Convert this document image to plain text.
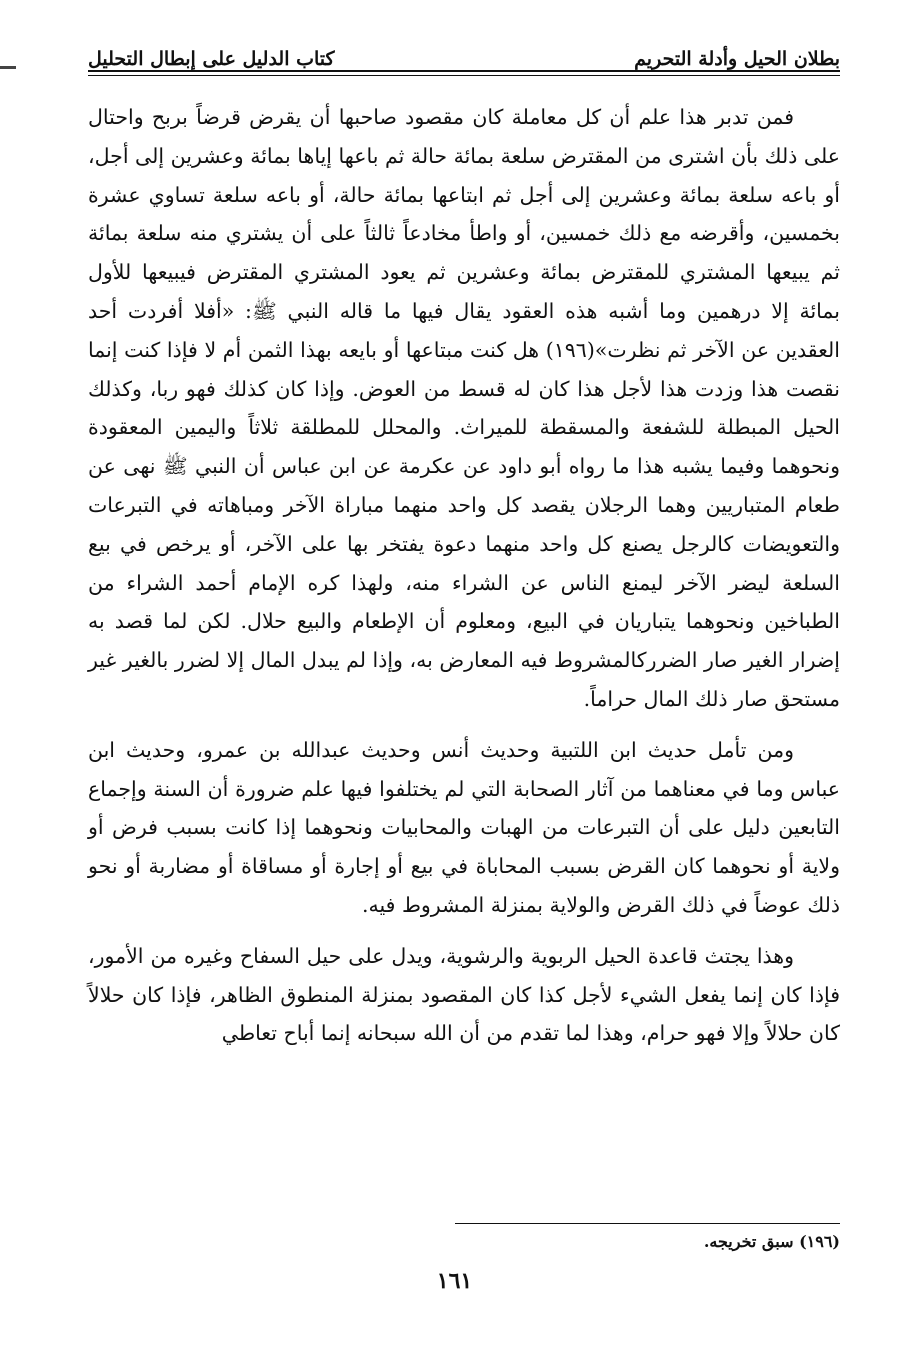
بطلان الحيل وأدلة التحريم
كتاب الدليل على إبطال التحليل

فمن تدبر هذا علم أن كل معاملة كان مقصود صاحبها أن يقرض قرضاً بربح واحتال على ذلك بأن اشترى من المقترض سلعة بمائة حالة ثم باعها إياها بمائة وعشرين إلى أجل، أو باعه سلعة بمائة وعشرين إلى أجل ثم ابتاعها بمائة حالة، أو باعه سلعة تساوي عشرة بخمسين، وأقرضه مع ذلك خمسين، أو واطأ مخادعاً ثالثاً على أن يشتري منه سلعة بمائة ثم يبيعها المشتري للمقترض بمائة وعشرين ثم يعود المشتري المقترض فيبيعها للأول بمائة إلا درهمين وما أشبه هذه العقود يقال فيها ما قاله النبي ﷺ: «أفلا أفردت أحد العقدين عن الآخر ثم نظرت»(١٩٦) هل كنت مبتاعها أو بايعه بهذا الثمن أم لا فإذا كنت إنما نقصت هذا وزدت هذا لأجل هذا كان له قسط من العوض. وإذا كان كذلك فهو ربا، وكذلك الحيل المبطلة للشفعة والمسقطة للميراث. والمحلل للمطلقة ثلاثاً واليمين المعقودة ونحوهما وفيما يشبه هذا ما رواه أبو داود عن عكرمة عن ابن عباس أن النبي ﷺ نهى عن طعام المتباريين وهما الرجلان يقصد كل واحد منهما مباراة الآخر ومباهاته في التبرعات والتعويضات كالرجل يصنع كل واحد منهما دعوة يفتخر بها على الآخر، أو يرخص في بيع السلعة ليضر الآخر ليمنع الناس عن الشراء منه، ولهذا كره الإمام أحمد الشراء من الطباخين ونحوهما يتباريان في البيع، ومعلوم أن الإطعام والبيع حلال. لكن لما قصد به إضرار الغير صار الضرركالمشروط فيه المعارض به، وإذا لم يبدل المال إلا لضرر بالغير غير مستحق صار ذلك المال حراماً.

ومن تأمل حديث ابن اللتبية وحديث أنس وحديث عبدالله بن عمرو، وحديث ابن عباس وما في معناهما من آثار الصحابة التي لم يختلفوا فيها علم ضرورة أن السنة وإجماع التابعين دليل على أن التبرعات من الهبات والمحابيات ونحوهما إذا كانت بسبب فرض أو ولاية أو نحوهما كان القرض بسبب المحاباة في بيع أو إجارة أو مساقاة أو مضاربة أو نحو ذلك عوضاً في ذلك القرض والولاية بمنزلة المشروط فيه.

وهذا يجتث قاعدة الحيل الربوية والرشوية، ويدل على حيل السفاح وغيره من الأمور، فإذا كان إنما يفعل الشيء لأجل كذا كان المقصود بمنزلة المنطوق الظاهر، فإذا كان حلالاً كان حلالاً وإلا فهو حرام، وهذا لما تقدم من أن الله سبحانه إنما أباح تعاطي

(١٩٦) سبق تخريجه.
١٦١
